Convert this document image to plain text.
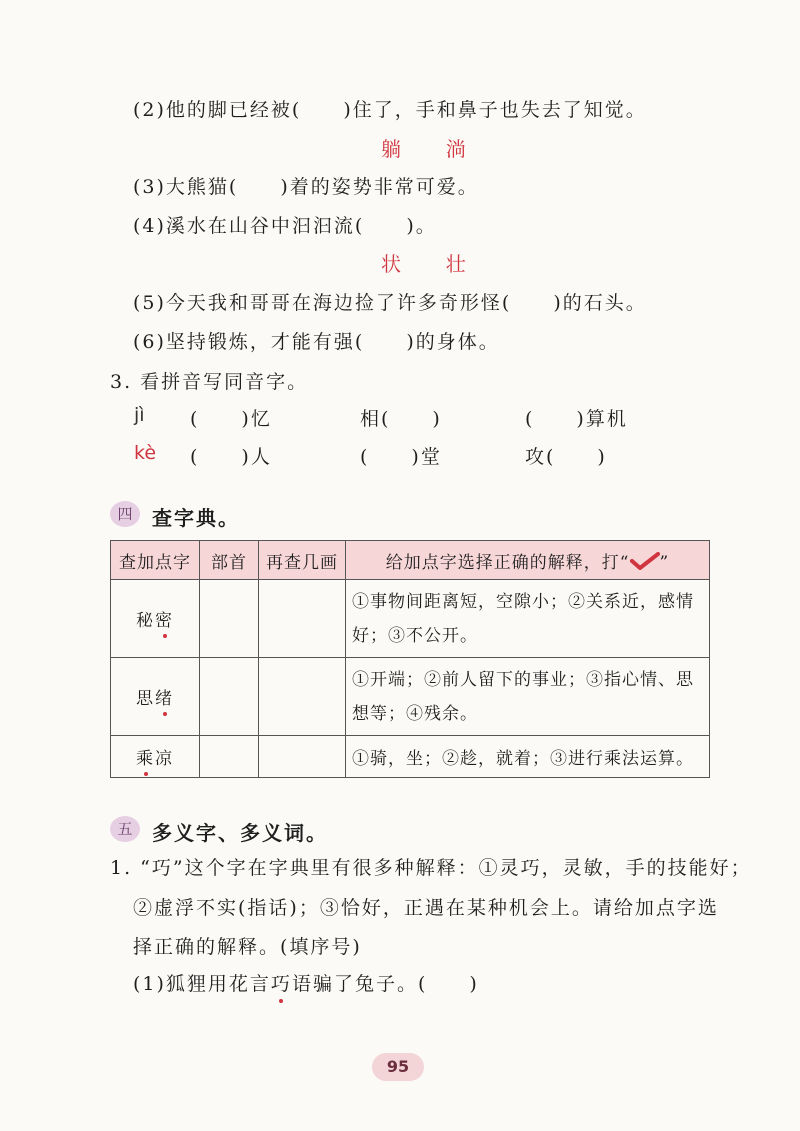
(2)他的脚已经被(　　)住了，手和鼻子也失去了知觉。
躺 淌
(3)大熊猫(　　)着的姿势非常可爱。
(4)溪水在山谷中汩汩流(　　)。
状 壮
(5)今天我和哥哥在海边捡了许多奇形怪(　　)的石头。
(6)坚持锻炼，才能有强(　　)的身体。
3. 看拼音写同音字。
jì (　　)忆	相(　　)	(　　)算机
kè (　　)人	(　　)堂	攻(　　)
四 查字典。
查加点字	部首	再查几画	给加点字选择正确的解释，打“ ”
秘密			①事物间距离短，空隙小；②关系近，感情
好；③不公开。

思绪			①开端；②前人留下的事业；③指心情、思
想等；④残余。

乘凉			①骑，坐；②趁，就着；③进行乘法运算。
五 多义字、多义词。
1. “巧”这个字在字典里有很多种解释：①灵巧，灵敏，手的技能好；
②虚浮不实(指话)；③恰好，正遇在某种机会上。请给加点字选
择正确的解释。(填序号)
(1)狐狸用花言巧语骗了兔子。(　　)
95
